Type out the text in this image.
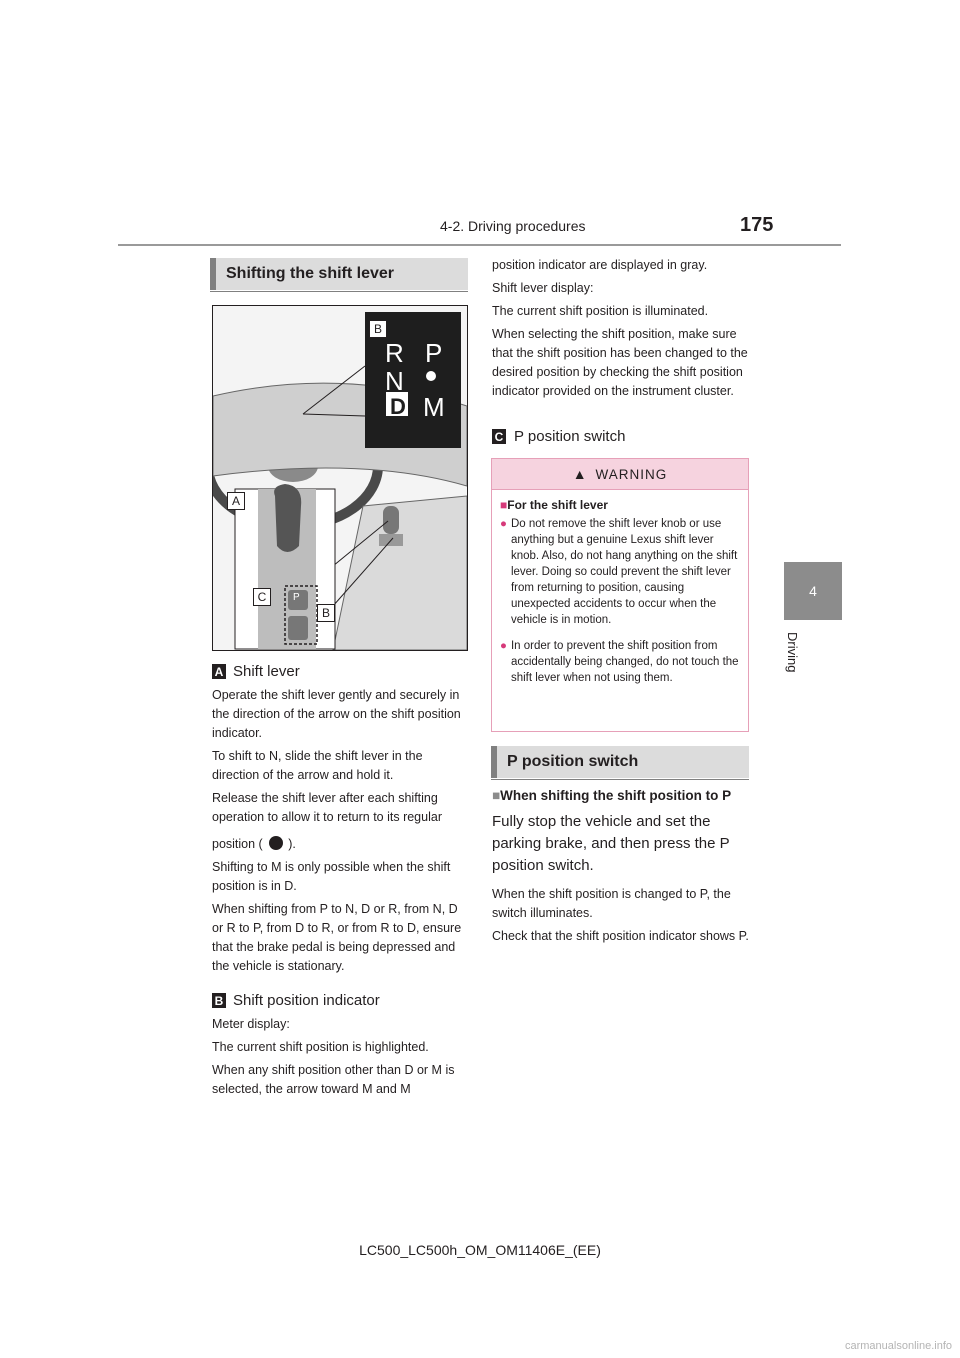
4-2. Driving procedures	175
4
Driving
Shifting the shift lever
B
R P
N
D M
A
C
B
P
A Shift lever

Operate the shift lever gently and securely in the direction of the arrow on the shift position indicator.

To shift to N, slide the shift lever in the direction of the arrow and hold it.

Release the shift lever after each shifting operation to allow it to return to its regular

position ( ).

Shifting to M is only possible when the shift position is in D.

When shifting from P to N, D or R, from N, D or R to P, from D to R, or from R to D, ensure that the brake pedal is being depressed and the vehicle is stationary.

B Shift position indicator

Meter display:

The current shift position is highlighted.

When any shift position other than D or M is selected, the arrow toward M and M

position indicator are displayed in gray.

Shift lever display:

The current shift position is illuminated.

When selecting the shift position, make sure that the shift position has been changed to the desired position by checking the shift position indicator provided on the instrument cluster.

C P position switch
▲ WARNING
■For the shift lever
● Do not remove the shift lever knob or use anything but a genuine Lexus shift lever knob. Also, do not hang anything on the shift lever. Doing so could prevent the shift lever from returning to position, causing unexpected accidents to occur when the vehicle is in motion.
● In order to prevent the shift position from accidentally being changed, do not touch the shift lever when not using them.
P position switch
■When shifting the shift position to P

Fully stop the vehicle and set the parking brake, and then press the P position switch.

When the shift position is changed to P, the switch illuminates.

Check that the shift position indicator shows P.

LC500_LC500h_OM_OM11406E_(EE)
carmanualsonline.info
